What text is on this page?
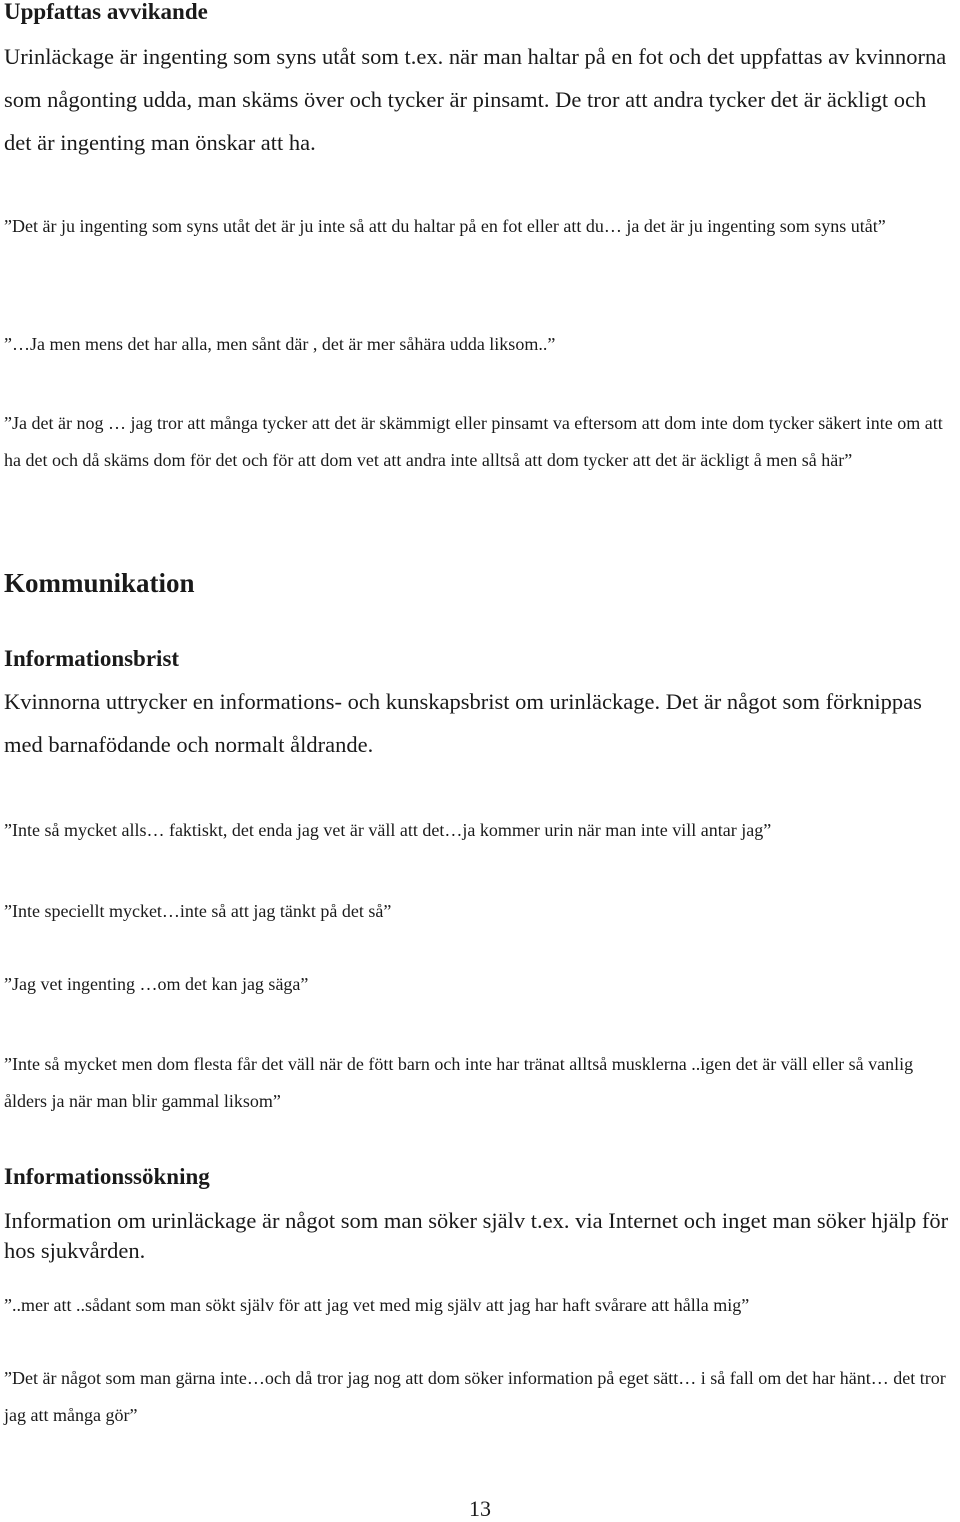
Uppfattas avvikande

Urinläckage är ingenting som syns utåt som t.ex. när man haltar på en fot och det uppfattas av kvinnorna som någonting udda, man skäms över och tycker är pinsamt. De tror att andra tycker det är äckligt och det är ingenting man önskar att ha.

”Det är ju ingenting som syns utåt det är ju inte så att du haltar på en fot eller att du… ja det är ju ingenting som syns utåt”

”…Ja men mens det har alla, men sånt där , det är mer såhära udda liksom..”

”Ja det är nog … jag tror att många tycker att det är skämmigt eller pinsamt va eftersom att dom inte dom tycker säkert inte om att ha det och då skäms dom för det och för att dom vet att andra inte alltså att dom tycker att det är äckligt å men så här”

Kommunikation
Informationsbrist

Kvinnorna uttrycker en informations- och kunskapsbrist om urinläckage. Det är något som förknippas med barnafödande och normalt åldrande.

”Inte så mycket alls… faktiskt, det enda jag vet är väll att det…ja kommer urin när man inte vill antar jag”

”Inte speciellt mycket…inte så att jag tänkt på det så”

”Jag vet ingenting …om det kan jag säga”

”Inte så mycket men dom flesta får det väll när de fött barn och inte har tränat alltså musklerna ..igen det är väll eller så vanlig ålders ja när man blir gammal liksom”

Informationssökning

Information om urinläckage är något som man söker själv t.ex. via Internet och inget man söker hjälp för hos sjukvården.

”..mer att ..sådant som man sökt själv för att jag vet med mig själv att jag har haft svårare att hålla mig”

”Det är något som man gärna inte…och då tror jag nog att dom söker information på eget sätt… i så fall om det har hänt… det tror jag att många gör”

13
